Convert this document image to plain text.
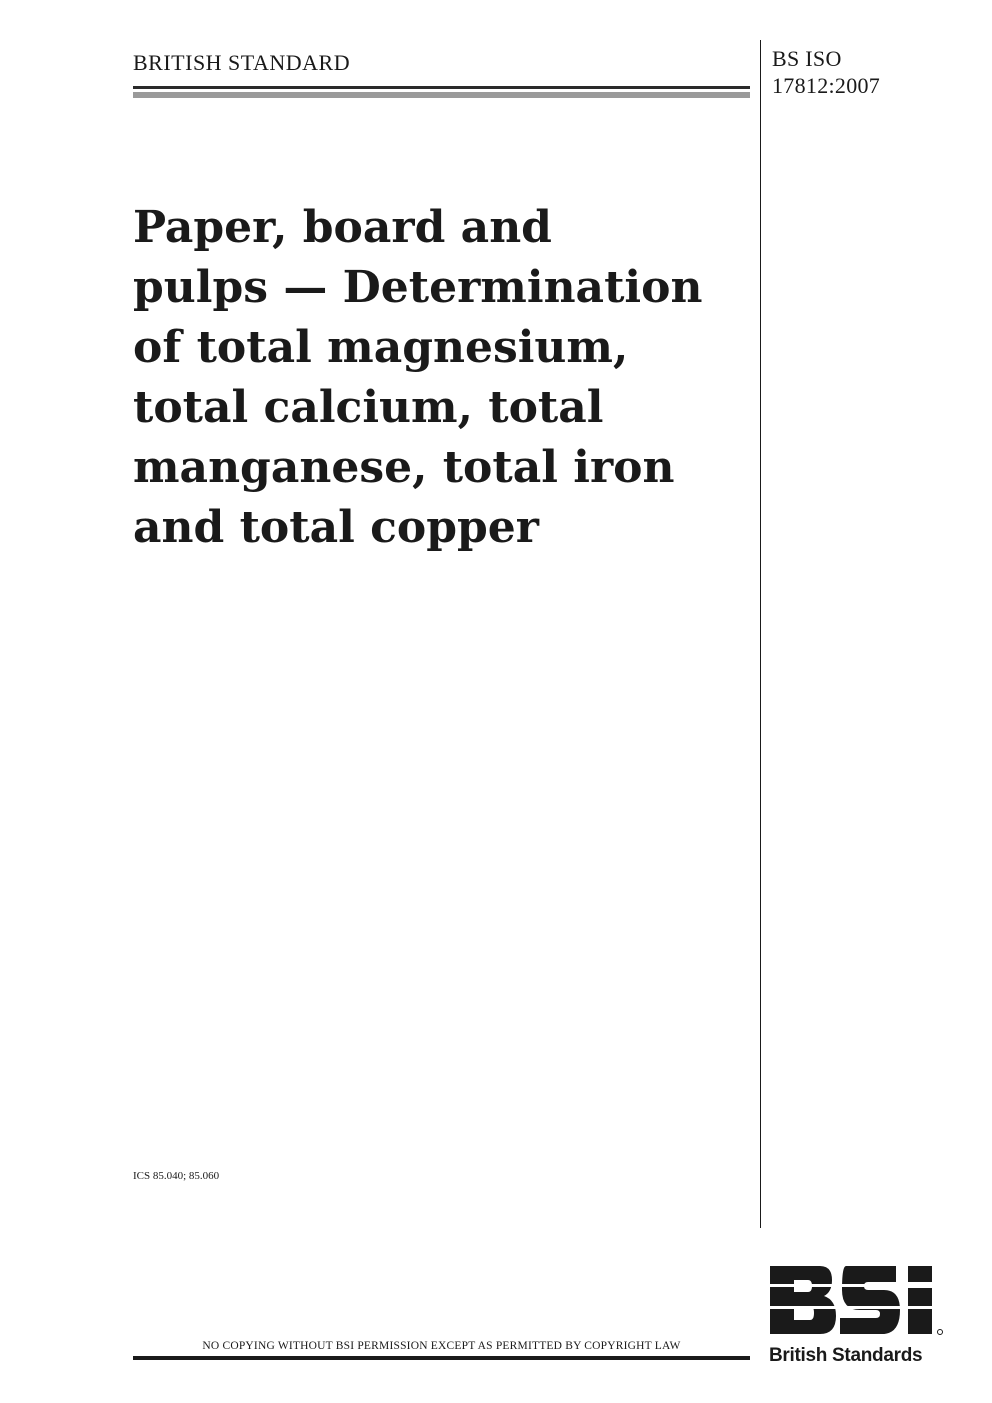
BRITISH STANDARD	BS ISO
17812:2007
Paper, board and
pulps — Determination
of total magnesium,
total calcium, total
manganese, total iron
and total copper
ICS 85.040; 85.060
NO COPYING WITHOUT BSI PERMISSION EXCEPT AS PERMITTED BY COPYRIGHT LAW	British Standards
